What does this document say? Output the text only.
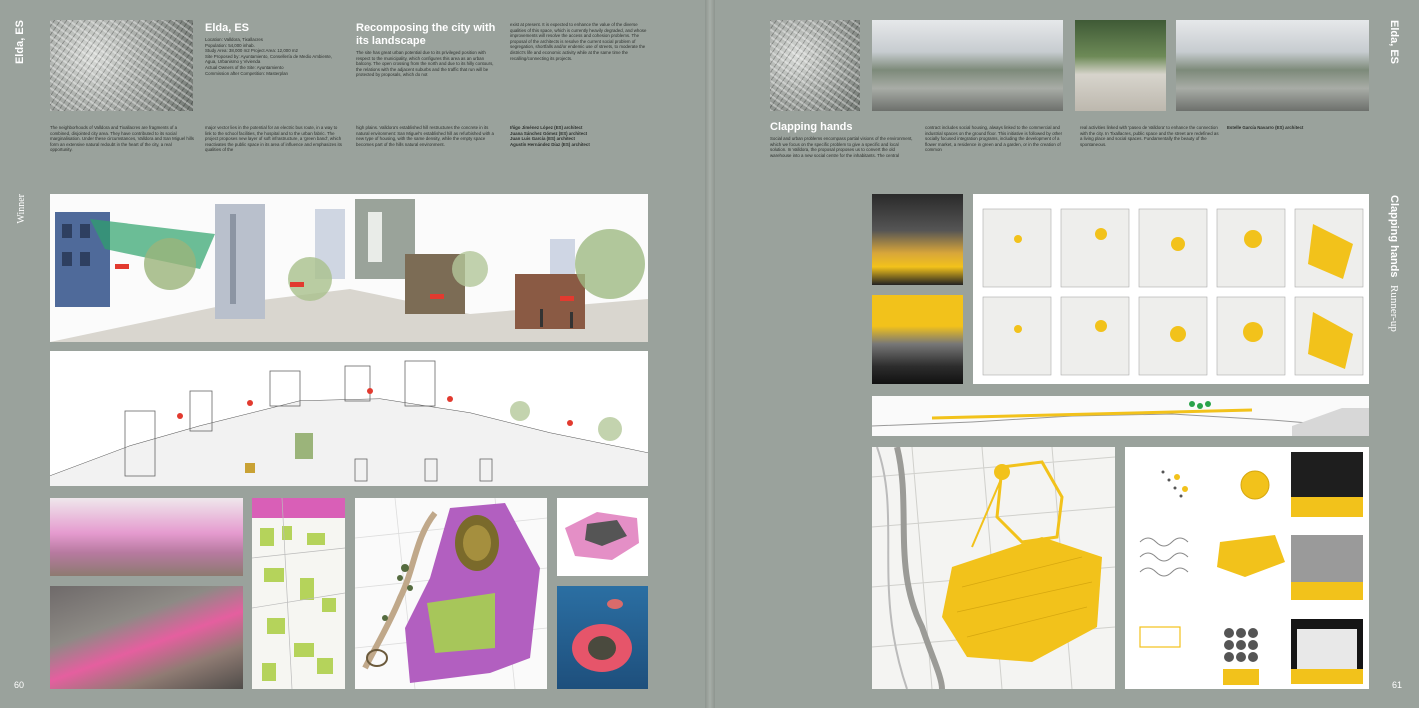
Elda, ES
Winner
60
Elda, ES
Location: Valldora, Tixallacres
Population: 54,000 inhab.
Study Area: 38,000 m2 Project Area: 12,000 m2
Site Proposed by: Ayuntamiento, Consellería de Medio Ambiente, Agua, Urbanismo y Vivienda
Actual Owners of the Site: Ayuntamiento
Commission after Competition: Masterplan
Recomposing the city with its landscape
The site has great urban potential due to its privileged position with respect to the municipality, which configures this area as an urban balcony. The open crossing from the north and due to its hilly contours, the relations with the adjacent suburbs and the traffic that run will be protected by proposals, which do not
exist at present. It is expected to enhance the value of the diverse qualities of this space, which is currently heavily degraded, and whose improvements will resolve the access and cohesion problems. The proposal of the architects is resolve the current social problem of segregation, shortfalls and/or endemic use of streets, to moderate the district's life and economic activity while at the same time the recalling/connecting its projects.
The neighborhoods of Valldora and Tixallacres are fragments of a combined, disjointed city area. They have contributed to its social marginalisation. Under these circumstances, Valldora and San Miguel hills form an extensive natural redoubt in the heart of the city, a real opportunity.
major vector lies in the potential for an electric bus route, in a way to link to the school facilities, the hospital and to the urban fabric. The project proposes new layer of soft infrastructure, a 'green band', which reactivates the public space in its area of influence and emphasizes its qualities of the
high plains. Valldora's established hill restructures the concrete in its natural environment: San Miguel's established hill as refurbished with a new type of housing, with the same density, while the empty space becomes part of the hills natural environment.
Iñigo Jiménez López (ES) architect
Juana Sánchez Gómez (ES) architect
Juan Luis García (ES) architect
Agustín Hernández Díaz (ES) architect
Elda, ES
Clapping hands Runner-up
61
Clapping hands
Social and urban problems encompass partial visions of the environment, which we focus on the specific problem to give a specific and local solution. In Valldora, the proposal proposes us to convert the old warehouse into a new social centre for the inhabitants. The central
contract includes social housing, always linked to the commercial and industrial spaces on the ground floor. This initiative is followed by other socially focused integration programs, including the development of a flower market, a residence in green and a garden, or in the creation of common
real activities linked with 'paseo de Valldora' to enhance the connection with the city. In Tixallacres, public space and the street are redefined as a living place and social spaces. Fundamentally the beauty of the spontaneous.
Estelle García Navarro (ES) architect
